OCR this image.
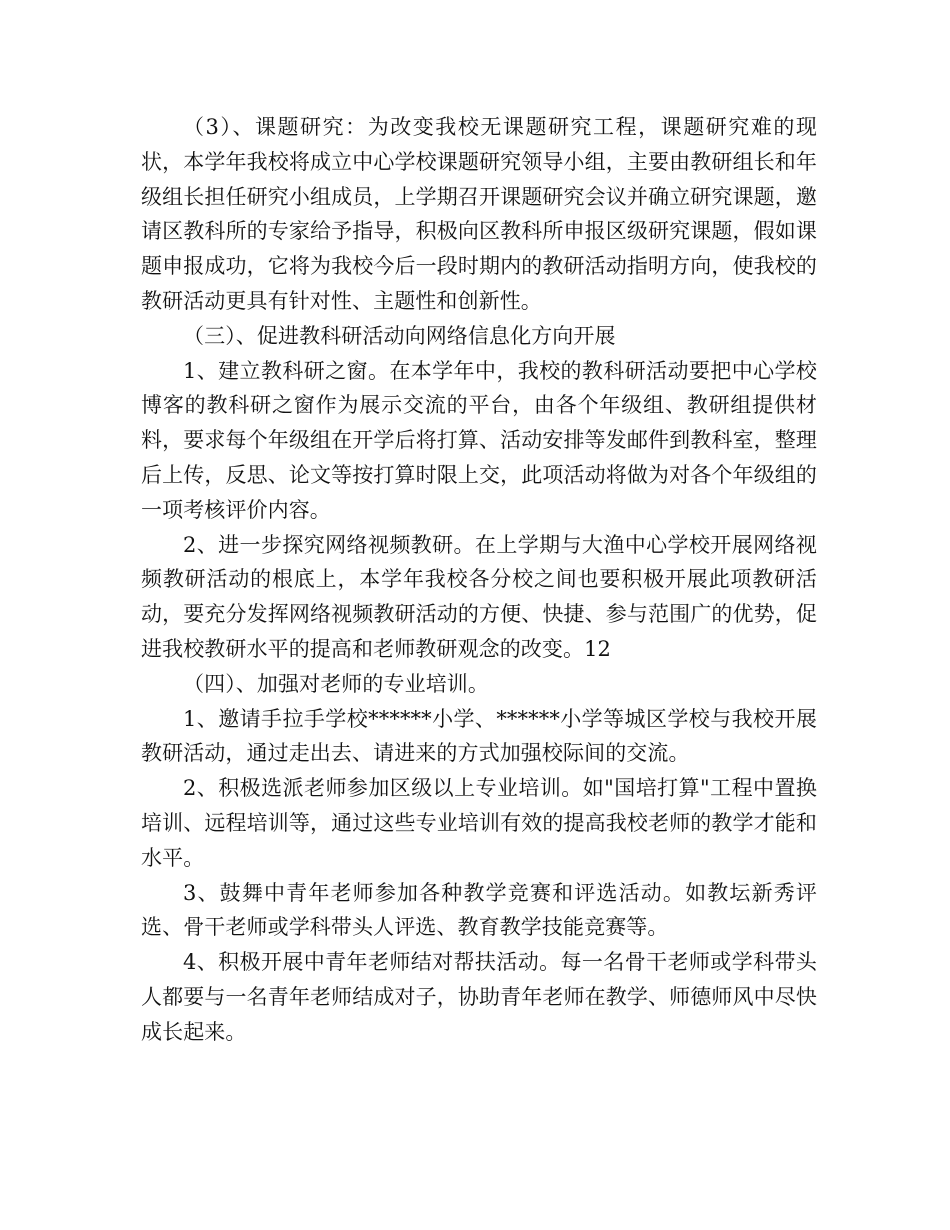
（3）、课题研究：为改变我校无课题研究工程，课题研究难的现状，本学年我校将成立中心学校课题研究领导小组，主要由教研组长和年级组长担任研究小组成员，上学期召开课题研究会议并确立研究课题，邀请区教科所的专家给予指导，积极向区教科所申报区级研究课题，假如课题申报成功，它将为我校今后一段时期内的教研活动指明方向，使我校的教研活动更具有针对性、主题性和创新性。

（三）、促进教科研活动向网络信息化方向开展

1、建立教科研之窗。在本学年中，我校的教科研活动要把中心学校博客的教科研之窗作为展示交流的平台，由各个年级组、教研组提供材料，要求每个年级组在开学后将打算、活动安排等发邮件到教科室，整理后上传，反思、论文等按打算时限上交，此项活动将做为对各个年级组的一项考核评价内容。

2、进一步探究网络视频教研。在上学期与大渔中心学校开展网络视频教研活动的根底上，本学年我校各分校之间也要积极开展此项教研活动，要充分发挥网络视频教研活动的方便、快捷、参与范围广的优势，促进我校教研水平的提高和老师教研观念的改变。12

（四）、加强对老师的专业培训。

1、邀请手拉手学校******小学、******小学等城区学校与我校开展教研活动，通过走出去、请进来的方式加强校际间的交流。

2、积极选派老师参加区级以上专业培训。如"国培打算"工程中置换培训、远程培训等，通过这些专业培训有效的提高我校老师的教学才能和水平。

3、鼓舞中青年老师参加各种教学竞赛和评选活动。如教坛新秀评选、骨干老师或学科带头人评选、教育教学技能竞赛等。

4、积极开展中青年老师结对帮扶活动。每一名骨干老师或学科带头人都要与一名青年老师结成对子，协助青年老师在教学、师德师风中尽快成长起来。
